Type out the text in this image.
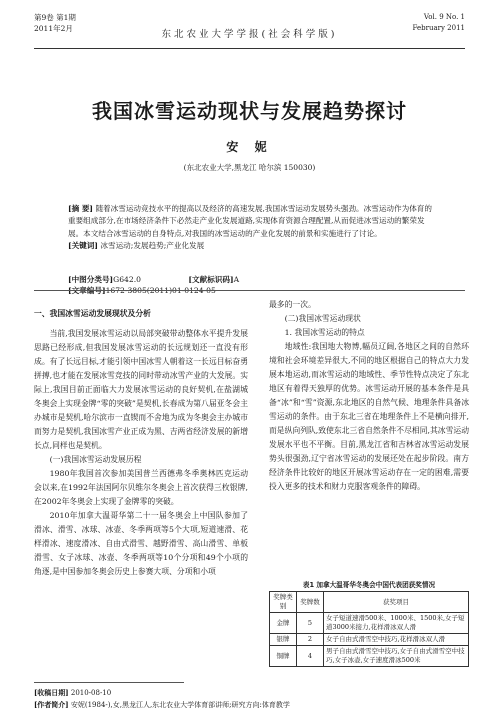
第9卷 第1期
2011年2月
东北农业大学学报(社会科学版)
Vol. 9 No. 1
February 2011
我国冰雪运动现状与发展趋势探讨
安 妮
(东北农业大学,黑龙江 哈尔滨 150030)

[摘 要] 随着冰雪运动竞技水平的提高以及经济的高速发展,我国冰雪运动发展势头强劲。冰雪运动作为体育的重要组成部分,在市场经济条件下必然走产业化发展道路,实现体育资源合理配置,从而促进冰雪运动的繁荣发展。本文结合冰雪运动的自身特点,对我国的冰雪运动的产业化发展的前景和实施进行了讨论。

[关键词] 冰雪运动;发展趋势;产业化发展

[中图分类号]G642.0	[文献标识码]A [文章编号]1672-3805(2011)01-0124-05

一、我国冰雪运动发展现状及分析

当前,我国发展冰雪运动以局部突破带动整体水平提升发展思路已经形成,但我国发展冰雪运动的长远规划还一直没有形成。有了长远目标,才能引领中国冰雪人朝着这一长远目标奋勇拼搏,也才能在发展冰雪竞技的同时带动冰雪产业的大发展。实际上,我国目前正面临大力发展冰雪运动的良好契机,在盐湖城冬奥会上实现金牌“零的突破”是契机,长春成为第八届亚冬会主办城市是契机,哈尔滨市一直锲而不舍地为成为冬奥会主办城市而努力是契机,我国冰雪产业正成为黑、吉两省经济发展的新增长点,同样也是契机。

(一)我国冰雪运动发展历程

1980年我国首次参加美国普兰西德弗冬季奥林匹克运动会以来,在1992年法国阿尔贝维尔冬奥会上首次获得三枚银牌,在2002年冬奥会上实现了金牌零的突破。

2010年加拿大温哥华第二十一届冬奥会上中国队参加了滑冰、滑雪、冰球、冰壶、冬季两项等5个大项,短道速滑、花样滑冰、速度滑冰、自由式滑雪、越野滑雪、高山滑雪、单板滑雪、女子冰球、冰壶、冬季两项等10个分项和49个小项的角逐,是中国参加冬奥会历史上参赛大项、分项和小项

最多的一次。

(二)我国冰雪运动现状

1. 我国冰雪运动的特点

地域性:我国地大物博,幅员辽阔,各地区之间的自然环境和社会环境差异很大,不同的地区根据自己的特点大力发展本地运动,而冰雪运动的地域性、季节性特点决定了东北地区有着得天独厚的优势。冰雪运动开展的基本条件是具备“冰”和“雪”资源,东北地区的自然气候、地理条件具备冰雪运动的条件。由于东北三省在地理条件上不是横向排开,而是纵向列队,致使东北三省自然条件不尽相同,其冰雪运动发展水平也不平衡。目前,黑龙江省和吉林省冰雪运动发展势头很强劲,辽宁省冰雪运动的发展还处在起步阶段。南方经济条件比较好的地区开展冰雪运动存在一定的困难,需要投入更多的技术和财力克服客观条件的障碍。

表1 加拿大温哥华冬奥会中国代表团获奖情况
奖牌类别	奖牌数	获奖项目
金牌	5	女子短道速滑500米、1000米、1500米,女子短道3000米接力,花样滑冰双人滑
银牌	2	女子自由式滑雪空中技巧,花样滑冰双人滑
铜牌	4	男子自由式滑雪空中技巧,女子自由式滑雪空中技巧,女子冰壶,女子速度滑冰500米
[收稿日期] 2010-08-10
[作者简介] 安妮(1984-),女,黑龙江人,东北农业大学体育部讲师;研究方向:体育教学
